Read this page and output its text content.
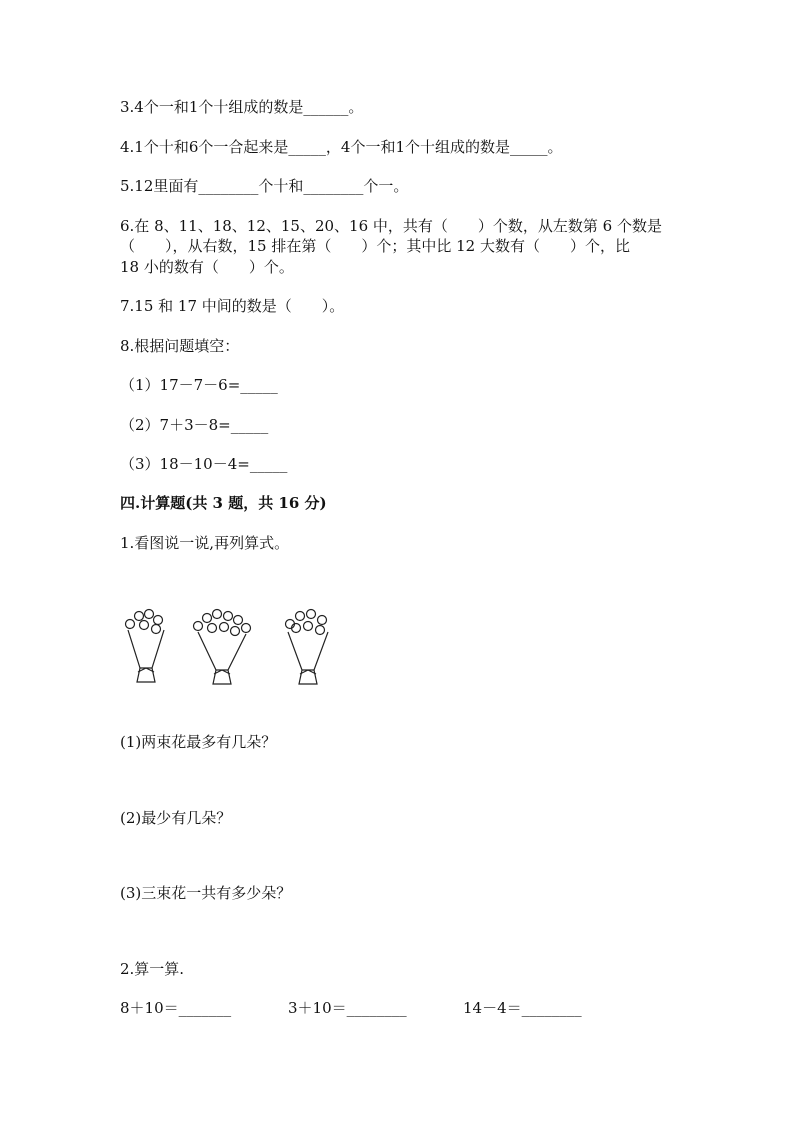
3.4个一和1个十组成的数是______。
4.1个十和6个一合起来是_____，4个一和1个十组成的数是_____。
5.12里面有________个十和________个一。
6.在 8、11、18、12、15、20、16 中，共有（　　）个数，从左数第 6 个数是
（　　），从右数，15 排在第（　　）个；其中比 12 大数有（　　）个，比
18 小的数有（　　）个。
7.15 和 17 中间的数是（　　）。
8.根据问题填空：
（1）17－7－6=_____
（2）7＋3－8=_____
（3）18－10－4=_____
四.计算题(共 3 题，共 16 分)
1.看图说一说,再列算式。
(1)两束花最多有几朵？
(2)最少有几朵？
(3)三束花一共有多少朵？
2.算一算.
8＋10＝_______	3＋10＝________	14－4＝________
